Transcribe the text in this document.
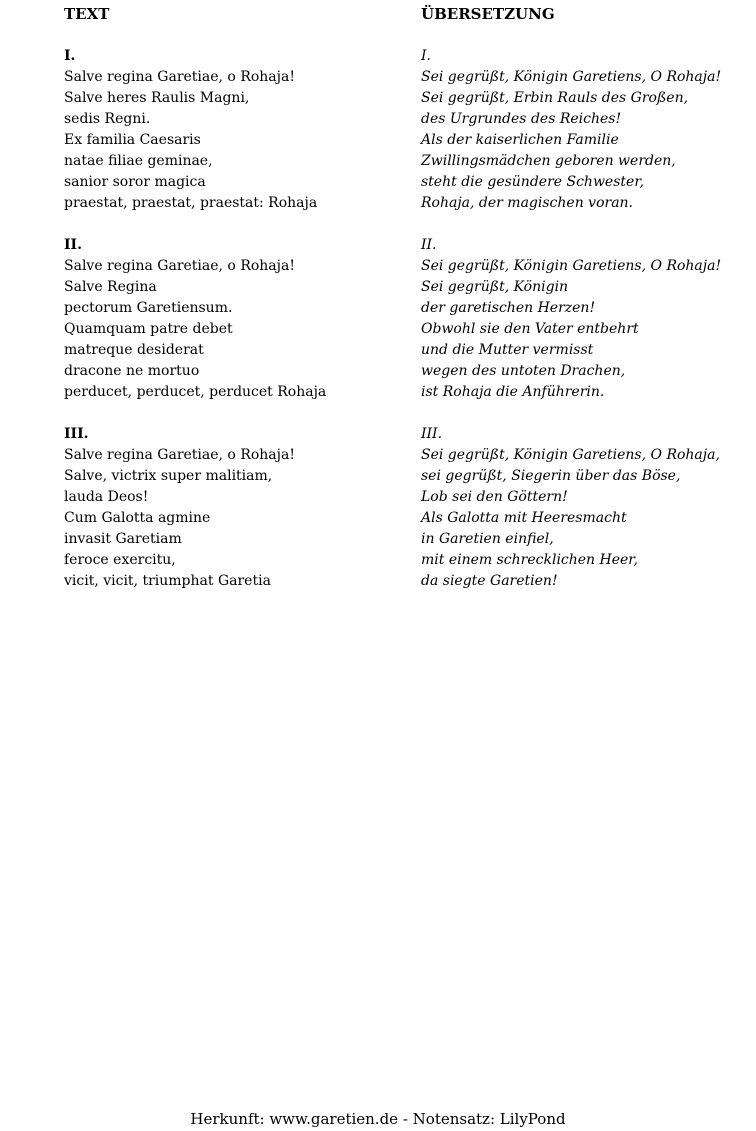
TEXT
I.
Salve regina Garetiae, o Rohaja!
Salve heres Raulis Magni,
sedis Regni.
Ex familia Caesaris
natae filiae geminae,
sanior soror magica
praestat, praestat, praestat: Rohaja
II.
Salve regina Garetiae, o Rohaja!
Salve Regina
pectorum Garetiensum.
Quamquam patre debet
matreque desiderat
dracone ne mortuo
perducet, perducet, perducet Rohaja
III.
Salve regina Garetiae, o Rohaja!
Salve, victrix super malitiam,
lauda Deos!
Cum Galotta agmine
invasit Garetiam
feroce exercitu,
vicit, vicit, triumphat Garetia
ÜBERSETZUNG
I.
Sei gegrüßt, Königin Garetiens, O Rohaja!
Sei gegrüßt, Erbin Rauls des Großen,
des Urgrundes des Reiches!
Als der kaiserlichen Familie
Zwillingsmädchen geboren werden,
steht die gesündere Schwester,
Rohaja, der magischen voran.
II.
Sei gegrüßt, Königin Garetiens, O Rohaja!
Sei gegrüßt, Königin
der garetischen Herzen!
Obwohl sie den Vater entbehrt
und die Mutter vermisst
wegen des untoten Drachen,
ist Rohaja die Anführerin.
III.
Sei gegrüßt, Königin Garetiens, O Rohaja,
sei gegrüßt, Siegerin über das Böse,
Lob sei den Göttern!
Als Galotta mit Heeresmacht
in Garetien einfiel,
mit einem schrecklichen Heer,
da siegte Garetien!
Herkunft: www.garetien.de - Notensatz: LilyPond
